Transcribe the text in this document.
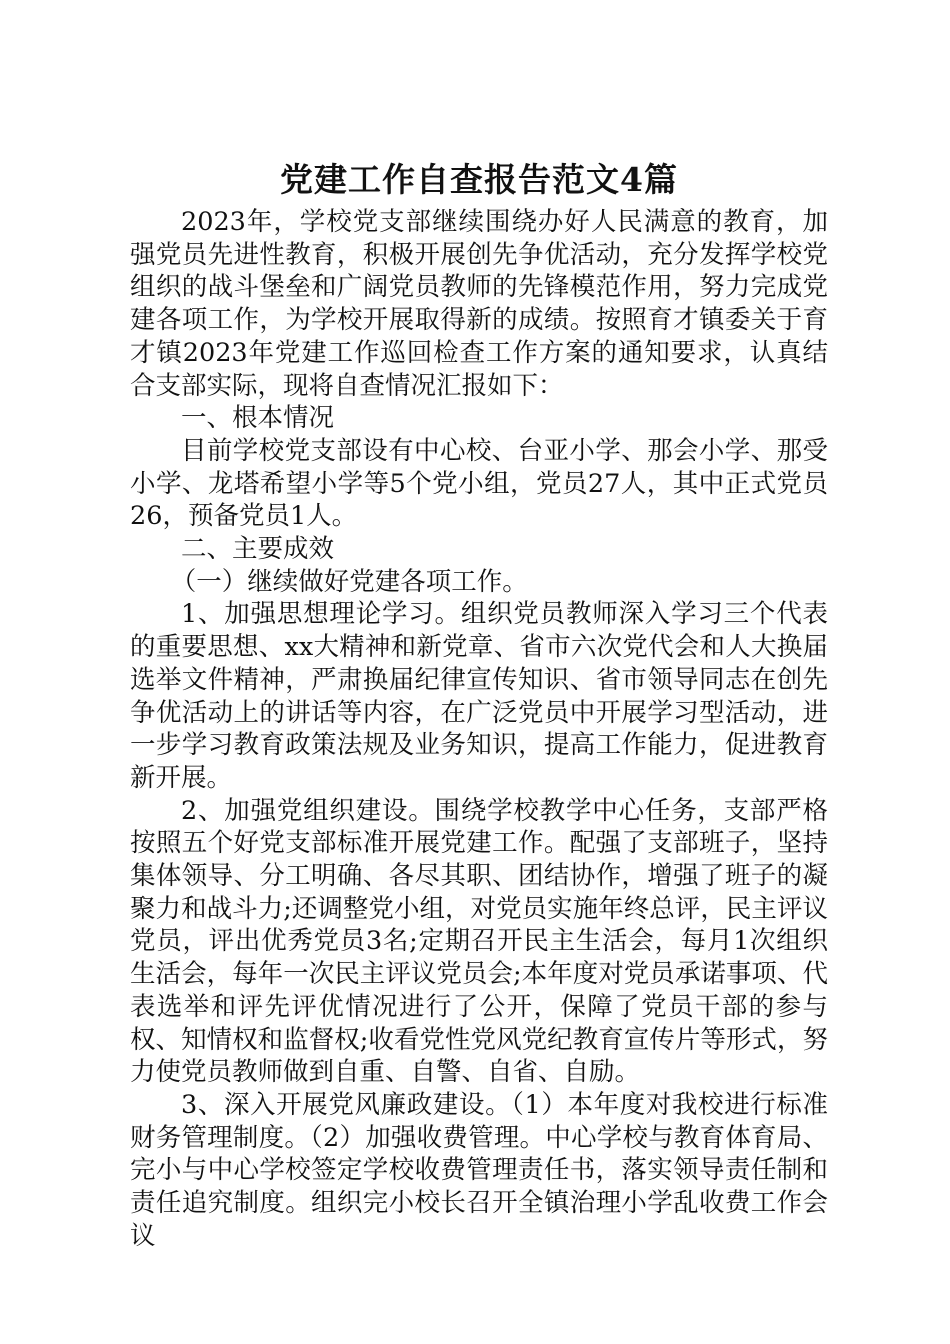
党建工作自查报告范文4篇

2023年，学校党支部继续围绕办好人民满意的教育，加强党员先进性教育，积极开展创先争优活动，充分发挥学校党组织的战斗堡垒和广阔党员教师的先锋模范作用，努力完成党建各项工作，为学校开展取得新的成绩。按照育才镇委关于育才镇2023年党建工作巡回检查工作方案的通知要求，认真结合支部实际，现将自查情况汇报如下：

一、根本情况

目前学校党支部设有中心校、台亚小学、那会小学、那受小学、龙塔希望小学等5个党小组，党员27人，其中正式党员26，预备党员1人。

二、主要成效

（一）继续做好党建各项工作。

1、加强思想理论学习。组织党员教师深入学习三个代表的重要思想、xx大精神和新党章、省市六次党代会和人大换届选举文件精神，严肃换届纪律宣传知识、省市领导同志在创先争优活动上的讲话等内容，在广泛党员中开展学习型活动，进一步学习教育政策法规及业务知识，提高工作能力，促进教育新开展。

2、加强党组织建设。围绕学校教学中心任务，支部严格按照五个好党支部标准开展党建工作。配强了支部班子，坚持集体领导、分工明确、各尽其职、团结协作，增强了班子的凝聚力和战斗力;还调整党小组，对党员实施年终总评，民主评议党员，评出优秀党员3名;定期召开民主生活会，每月1次组织生活会，每年一次民主评议党员会;本年度对党员承诺事项、代表选举和评先评优情况进行了公开，保障了党员干部的参与权、知情权和监督权;收看党性党风党纪教育宣传片等形式，努力使党员教师做到自重、自警、自省、自励。

3、深入开展党风廉政建设。（1）本年度对我校进行标准财务管理制度。（2）加强收费管理。中心学校与教育体育局、完小与中心学校签定学校收费管理责任书，落实领导责任制和责任追究制度。组织完小校长召开全镇治理小学乱收费工作会议
